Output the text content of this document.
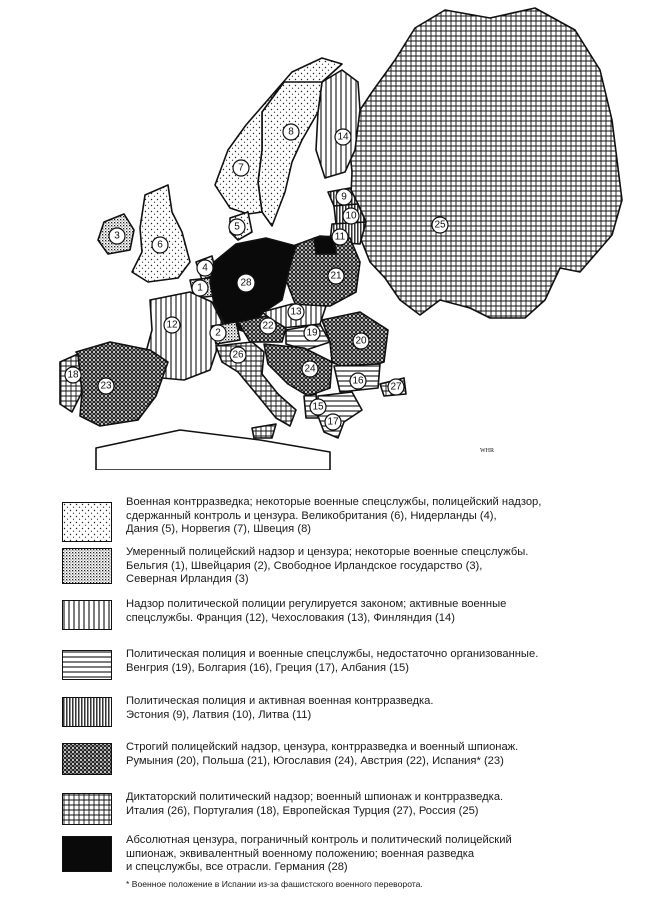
1
2
3
4
5
6
7
8
9
10
11
12
13
14
15
16
17
18
19
20
21
22
23
24
25
26
27
28
WHR
Военная контрразведка; некоторые военные спецслужбы, полицейский надзор,
сдержанный контроль и цензура. Великобритания (6), Нидерланды (4),
Дания (5), Норвегия (7), Швеция (8)
Умеренный полицейский надзор и цензура; некоторые военные спецслужбы.
Бельгия (1), Швейцария (2), Свободное Ирландское государство (3),
Северная Ирландия (3)
Надзор политической полиции регулируется законом; активные военные
спецслужбы. Франция (12), Чехословакия (13), Финляндия (14)
Политическая полиция и военные спецслужбы, недостаточно организованные.
Венгрия (19), Болгария (16), Греция (17), Албания (15)
Политическая полиция и активная военная контрразведка.
Эстония (9), Латвия (10), Литва (11)
Строгий полицейский надзор, цензура, контрразведка и военный шпионаж.
Румыния (20), Польша (21), Югославия (24), Австрия (22), Испания* (23)
Диктаторский политический надзор; военный шпионаж и контрразведка.
Италия (26), Португалия (18), Европейская Турция (27), Россия (25)
Абсолютная цензура, пограничный контроль и политический полицейский
шпионаж, эквивалентный военному положению; военная разведка
и спецслужбы, все отрасли. Германия (28)
* Военное положение в Испании из-за фашистского военного переворота.
